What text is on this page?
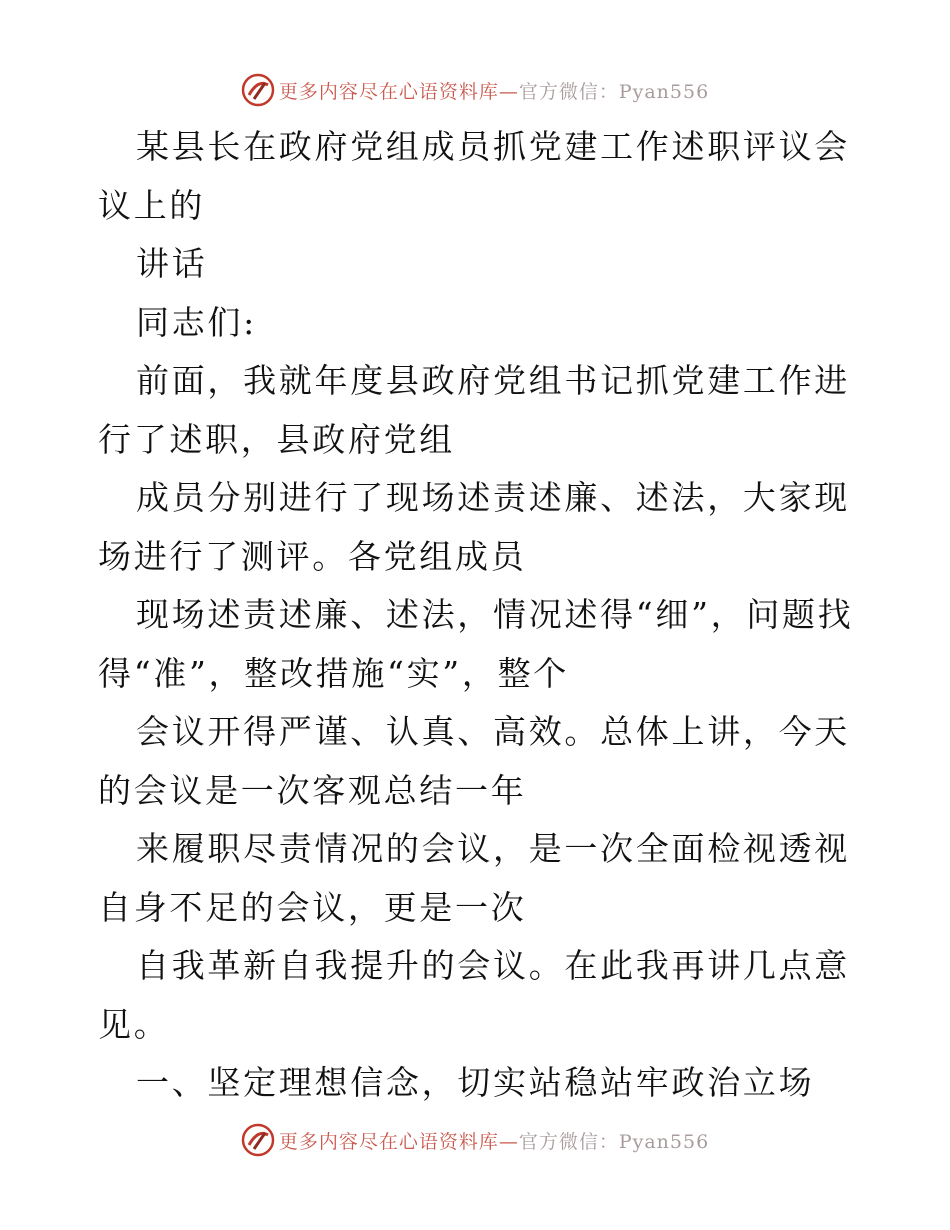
更多内容尽在心语资料库—官方微信：Pyan556

某县长在政府党组成员抓党建工作述职评议会议上的

讲话

同志们:

前面，我就年度县政府党组书记抓党建工作进行了述职，县政府党组

成员分别进行了现场述责述廉、述法，大家现场进行了测评。各党组成员

现场述责述廉、述法，情况述得“细”，问题找得“准”，整改措施“实”，整个

会议开得严谨、认真、高效。总体上讲，今天的会议是一次客观总结一年

来履职尽责情况的会议，是一次全面检视透视自身不足的会议，更是一次

自我革新自我提升的会议。在此我再讲几点意见。

一、坚定理想信念，切实站稳站牢政治立场

更多内容尽在心语资料库—官方微信：Pyan556
